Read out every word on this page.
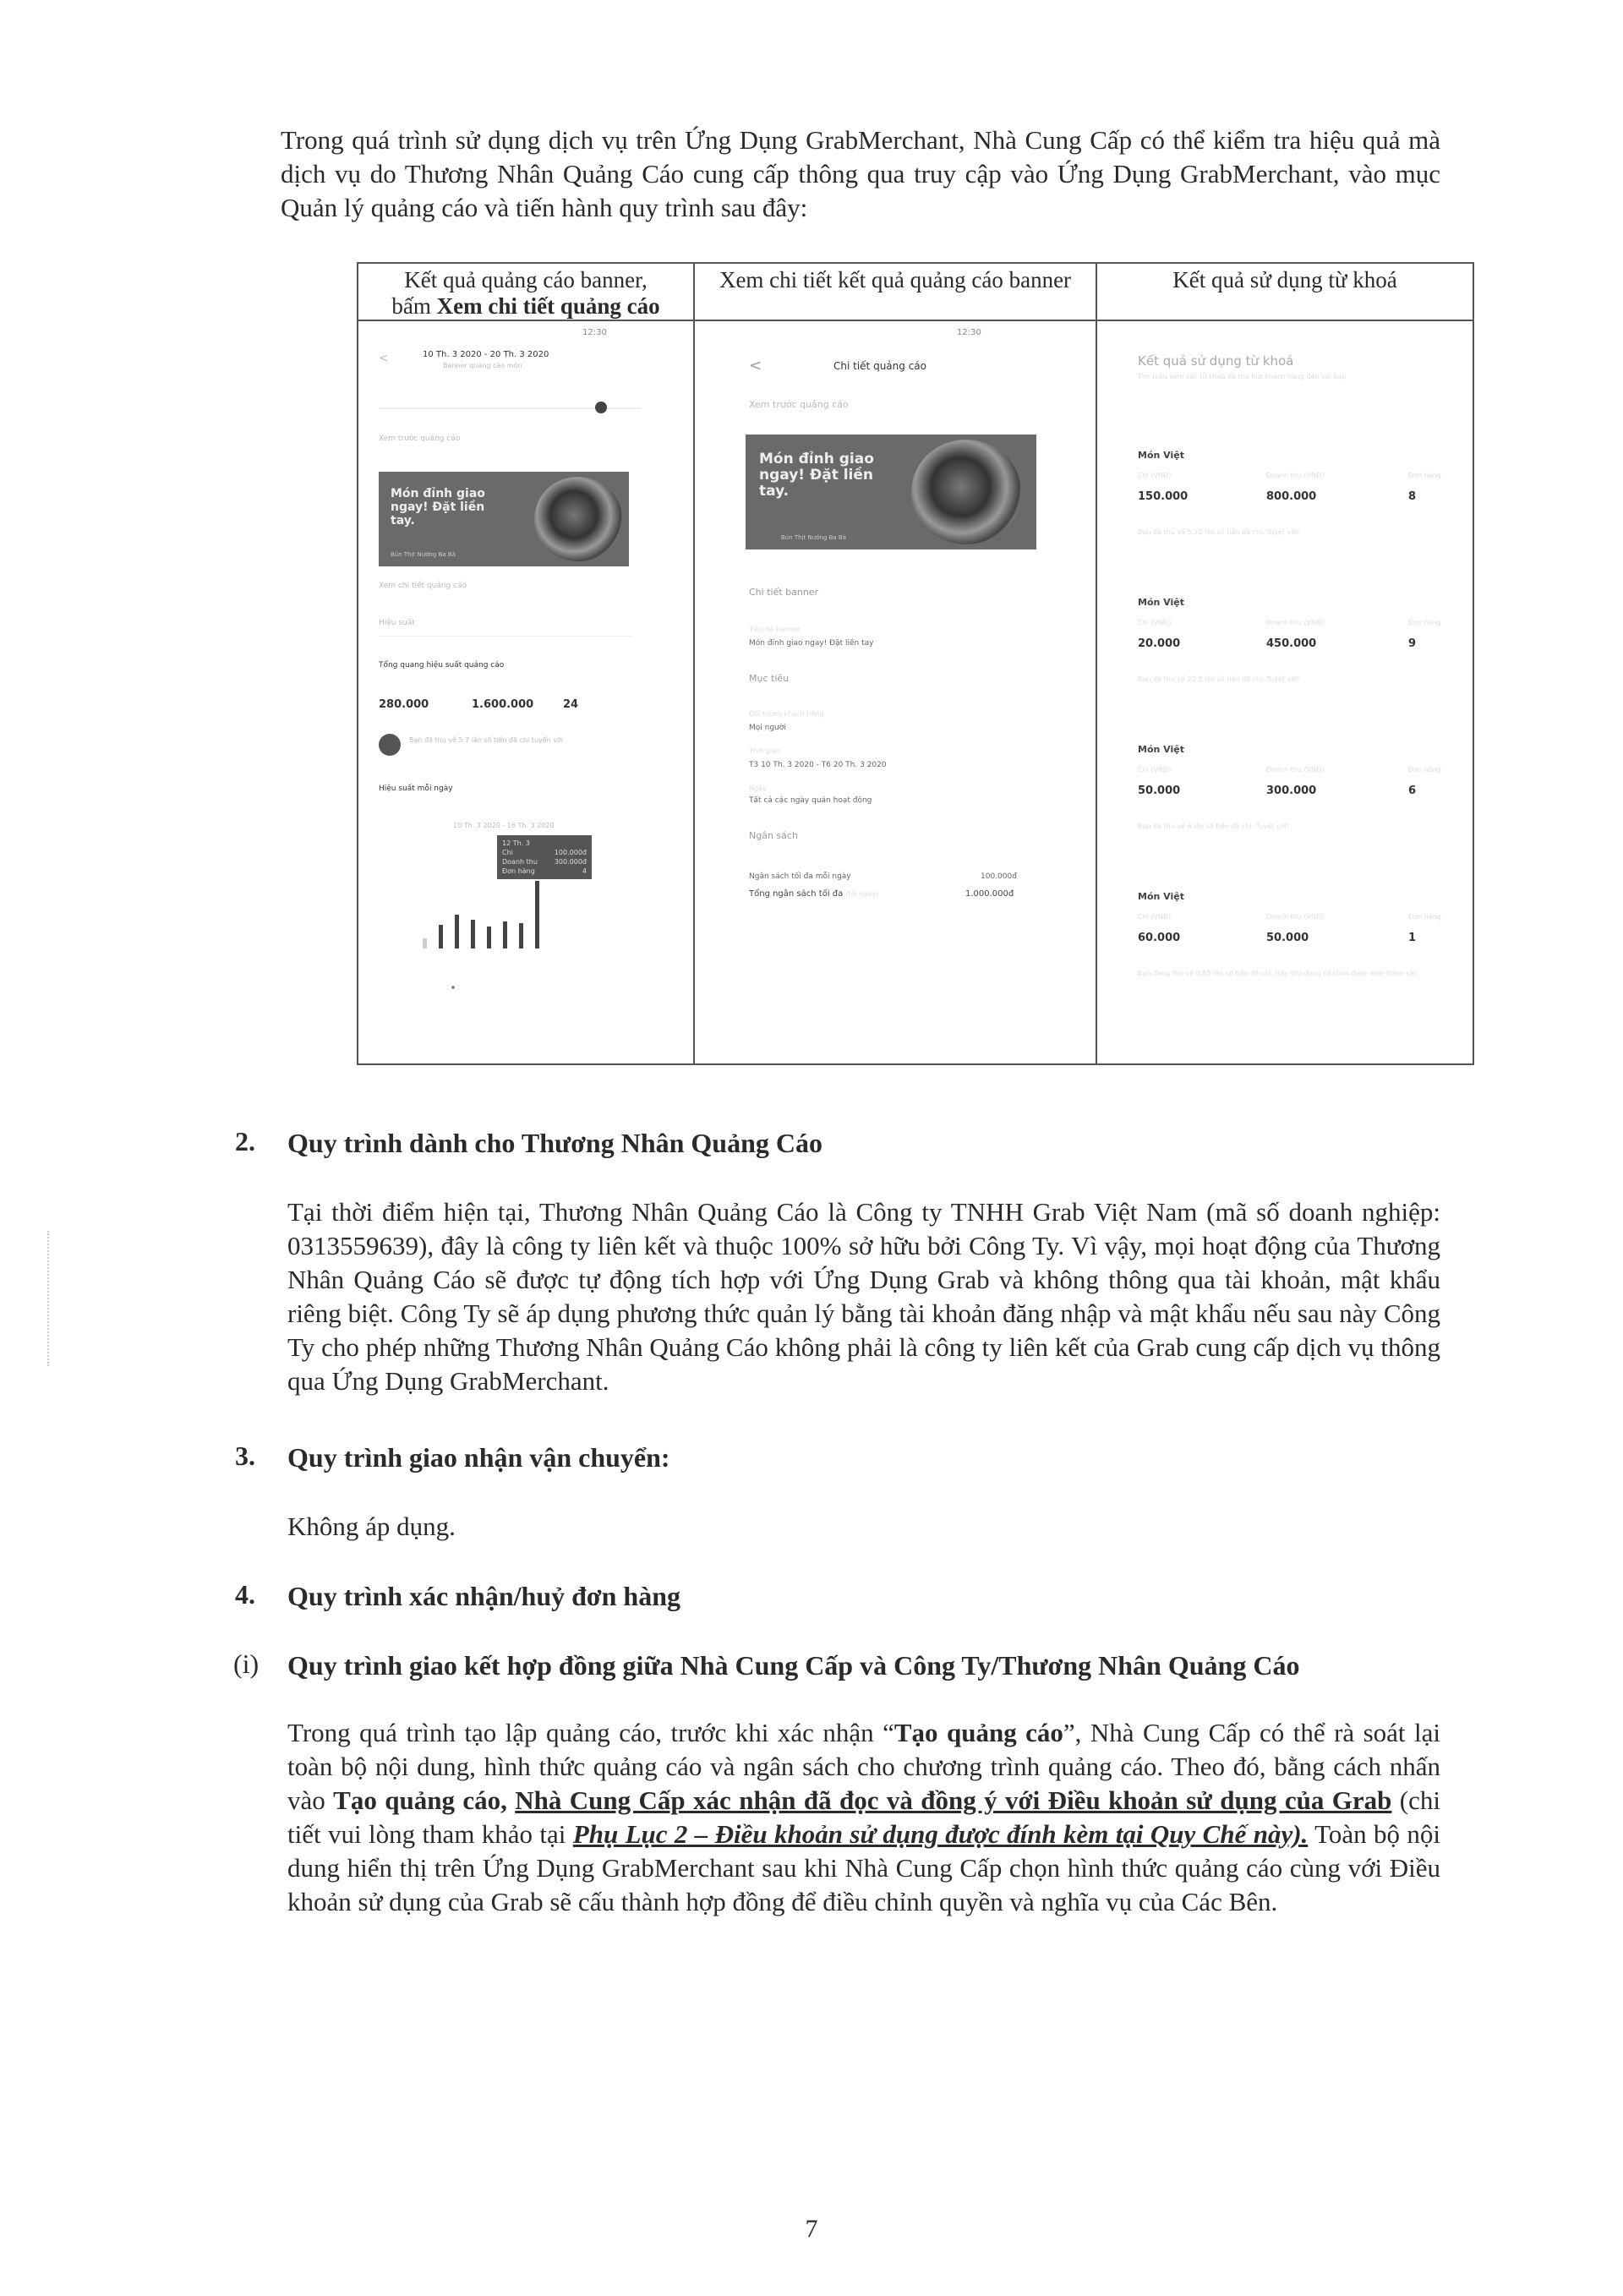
Trong quá trình sử dụng dịch vụ trên Ứng Dụng GrabMerchant, Nhà Cung Cấp có thể kiểm tra hiệu quả mà dịch vụ do Thương Nhân Quảng Cáo cung cấp thông qua truy cập vào Ứng Dụng GrabMerchant, vào mục Quản lý quảng cáo và tiến hành quy trình sau đây:
Kết quả quảng cáo banner,
bấm Xem chi tiết quảng cáo
12:30
<	10 Th. 3 2020 - 20 Th. 3 2020
Banner quảng cáo món
Xem trước quảng cáo
Món đỉnh giao ngay! Đặt liền tay.
Bún Thịt Nướng Ba Bà
Xem chi tiết quảng cáo
Hiệu suất
Tổng quang hiệu suất quảng cáo
280.000	1.600.000	24
Bạn đã thu về 5.7 lần số tiền đã chi tuyển với
Hiệu suất mỗi ngày
10 Th. 3 2020 - 16 Th. 3 2020
12 Th. 3
Chi	100.000đ
Doanh thu 300.000đ
Đơn hàng	4
Xem chi tiết kết quả quảng cáo banner
12:30
<	Chi tiết quảng cáo
Xem trước quảng cáo
Món đỉnh giao ngay! Đặt liền tay.
Bún Thịt Nướng Ba Bà
Chi tiết banner
Tiêu đề banner
Món đỉnh giao ngay! Đặt liền tay
Mục tiêu
Đối tượng khách hàng
Mọi người
Thời gian
T3 10 Th. 3 2020 - T6 20 Th. 3 2020
Ngày
Tất cả các ngày quán hoạt động
Ngân sách
Ngân sách tối đa mỗi ngày	100.000đ
Tổng ngân sách tối đa (tối ngày)	1.000.000đ
Kết quả sử dụng từ khoá
Kết quả sử dụng từ khoá
Tìm hiểu xem các từ khoá đã thu hút khách hàng đến với bạn
Món Việt
Chi (VNĐ)	Doanh thu (VNĐ)	Đơn hàng
150.000	800.000	8
Bạn đã thu về 5.33 lần số tiền đã chi. Tuyệt vời!
Món Việt
Chi (VNĐ)	Doanh thu (VNĐ)	Đơn hàng
20.000	450.000	9
Bạn đã thu về 22.5 lần số tiền đã chi. Tuyệt vời!
Món Việt
Chi (VNĐ)	Doanh thu (VNĐ)	Đơn hàng
50.000	300.000	6
Bạn đã thu về 6 lần số tiền đã chi. Tuyệt vời!
Món Việt
Chi (VNĐ)	Doanh thu (VNĐ)	Đơn hàng
60.000	50.000	1
Bạn đang thu về 0.83 lần số tiền đã chi. Hãy thử dùng từ khoá được xem thêm sắc
2. Quy trình dành cho Thương Nhân Quảng Cáo
Tại thời điểm hiện tại, Thương Nhân Quảng Cáo là Công ty TNHH Grab Việt Nam (mã số doanh nghiệp: 0313559639), đây là công ty liên kết và thuộc 100% sở hữu bởi Công Ty. Vì vậy, mọi hoạt động của Thương Nhân Quảng Cáo sẽ được tự động tích hợp với Ứng Dụng Grab và không thông qua tài khoản, mật khẩu riêng biệt. Công Ty sẽ áp dụng phương thức quản lý bằng tài khoản đăng nhập và mật khẩu nếu sau này Công Ty cho phép những Thương Nhân Quảng Cáo không phải là công ty liên kết của Grab cung cấp dịch vụ thông qua Ứng Dụng GrabMerchant.
3. Quy trình giao nhận vận chuyển:
Không áp dụng.
4. Quy trình xác nhận/huỷ đơn hàng
(i) Quy trình giao kết hợp đồng giữa Nhà Cung Cấp và Công Ty/Thương Nhân Quảng Cáo
Trong quá trình tạo lập quảng cáo, trước khi xác nhận “Tạo quảng cáo”, Nhà Cung Cấp có thể rà soát lại toàn bộ nội dung, hình thức quảng cáo và ngân sách cho chương trình quảng cáo. Theo đó, bằng cách nhấn vào Tạo quảng cáo, Nhà Cung Cấp xác nhận đã đọc và đồng ý với Điều khoản sử dụng của Grab (chi tiết vui lòng tham khảo tại Phụ Lục 2 – Điều khoản sử dụng được đính kèm tại Quy Chế này). Toàn bộ nội dung hiển thị trên Ứng Dụng GrabMerchant sau khi Nhà Cung Cấp chọn hình thức quảng cáo cùng với Điều khoản sử dụng của Grab sẽ cấu thành hợp đồng để điều chỉnh quyền và nghĩa vụ của Các Bên.
7
